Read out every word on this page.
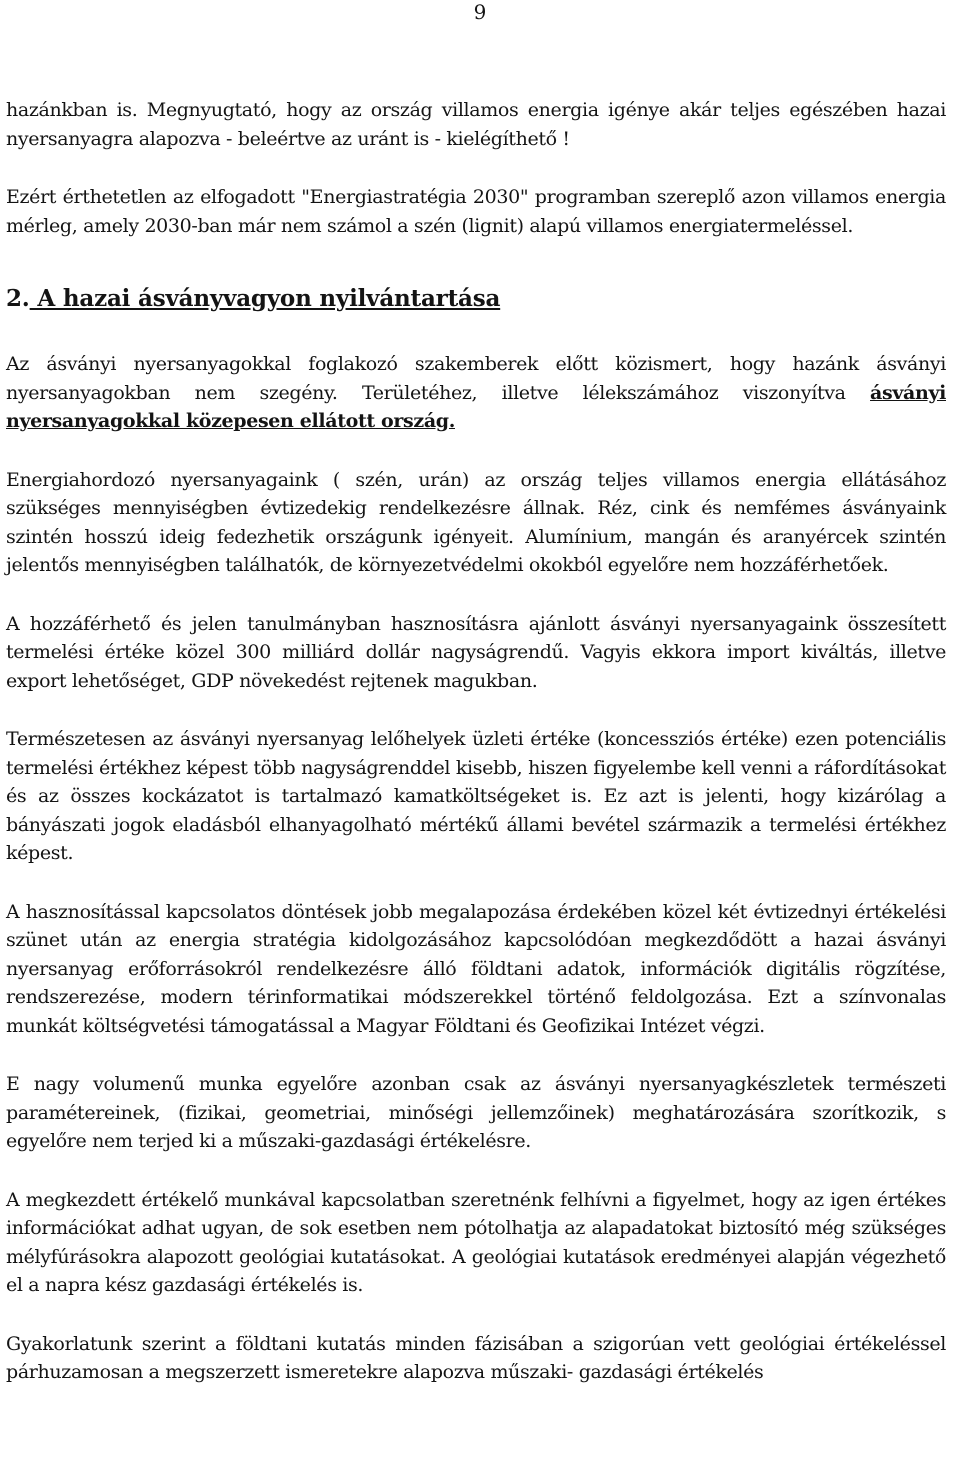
9

hazánkban is. Megnyugtató, hogy az ország villamos energia igénye akár teljes egészében hazai nyersanyagra alapozva - beleértve az uránt is - kielégíthető !

Ezért érthetetlen az elfogadott "Energiastratégia 2030" programban szereplő azon villamos energia mérleg, amely 2030-ban már nem számol a szén (lignit) alapú villamos energiatermeléssel.

2. A hazai ásványvagyon nyilvántartása

Az ásványi nyersanyagokkal foglakozó szakemberek előtt közismert, hogy hazánk ásványi nyersanyagokban nem szegény. Területéhez, illetve lélekszámához viszonyítva ásványi nyersanyagokkal közepesen ellátott ország.

Energiahordozó nyersanyagaink ( szén, urán) az ország teljes villamos energia ellátásához szükséges mennyiségben évtizedekig rendelkezésre állnak. Réz, cink és nemfémes ásványaink szintén hosszú ideig fedezhetik országunk igényeit. Alumínium, mangán és aranyércek szintén jelentős mennyiségben találhatók, de környezetvédelmi okokból egyelőre nem hozzáférhetőek.

A hozzáférhető és jelen tanulmányban hasznosításra ajánlott ásványi nyersanyagaink összesített termelési értéke közel 300 milliárd dollár nagyságrendű. Vagyis ekkora import kiváltás, illetve export lehetőséget, GDP növekedést rejtenek magukban.

Természetesen az ásványi nyersanyag lelőhelyek üzleti értéke (koncessziós értéke) ezen potenciális termelési értékhez képest több nagyságrenddel kisebb, hiszen figyelembe kell venni a ráfordításokat és az összes kockázatot is tartalmazó kamatköltségeket is. Ez azt is jelenti, hogy kizárólag a bányászati jogok eladásból elhanyagolható mértékű állami bevétel származik a termelési értékhez képest.

A hasznosítással kapcsolatos döntések jobb megalapozása érdekében közel két évtizednyi értékelési szünet után az energia stratégia kidolgozásához kapcsolódóan megkezdődött a hazai ásványi nyersanyag erőforrásokról rendelkezésre álló földtani adatok, információk digitális rögzítése, rendszerezése, modern térinformatikai módszerekkel történő feldolgozása. Ezt a színvonalas munkát költségvetési támogatással a Magyar Földtani és Geofizikai Intézet végzi.

E nagy volumenű munka egyelőre azonban csak az ásványi nyersanyagkészletek természeti paramétereinek, (fizikai, geometriai, minőségi jellemzőinek) meghatározására szorítkozik, s egyelőre nem terjed ki a műszaki-gazdasági értékelésre.

A megkezdett értékelő munkával kapcsolatban szeretnénk felhívni a figyelmet, hogy az igen értékes információkat adhat ugyan, de sok esetben nem pótolhatja az alapadatokat biztosító még szükséges mélyfúrásokra alapozott geológiai kutatásokat. A geológiai kutatások eredményei alapján végezhető el a napra kész gazdasági értékelés is.

Gyakorlatunk szerint a földtani kutatás minden fázisában a szigorúan vett geológiai értékeléssel párhuzamosan a megszerzett ismeretekre alapozva műszaki- gazdasági értékelés
